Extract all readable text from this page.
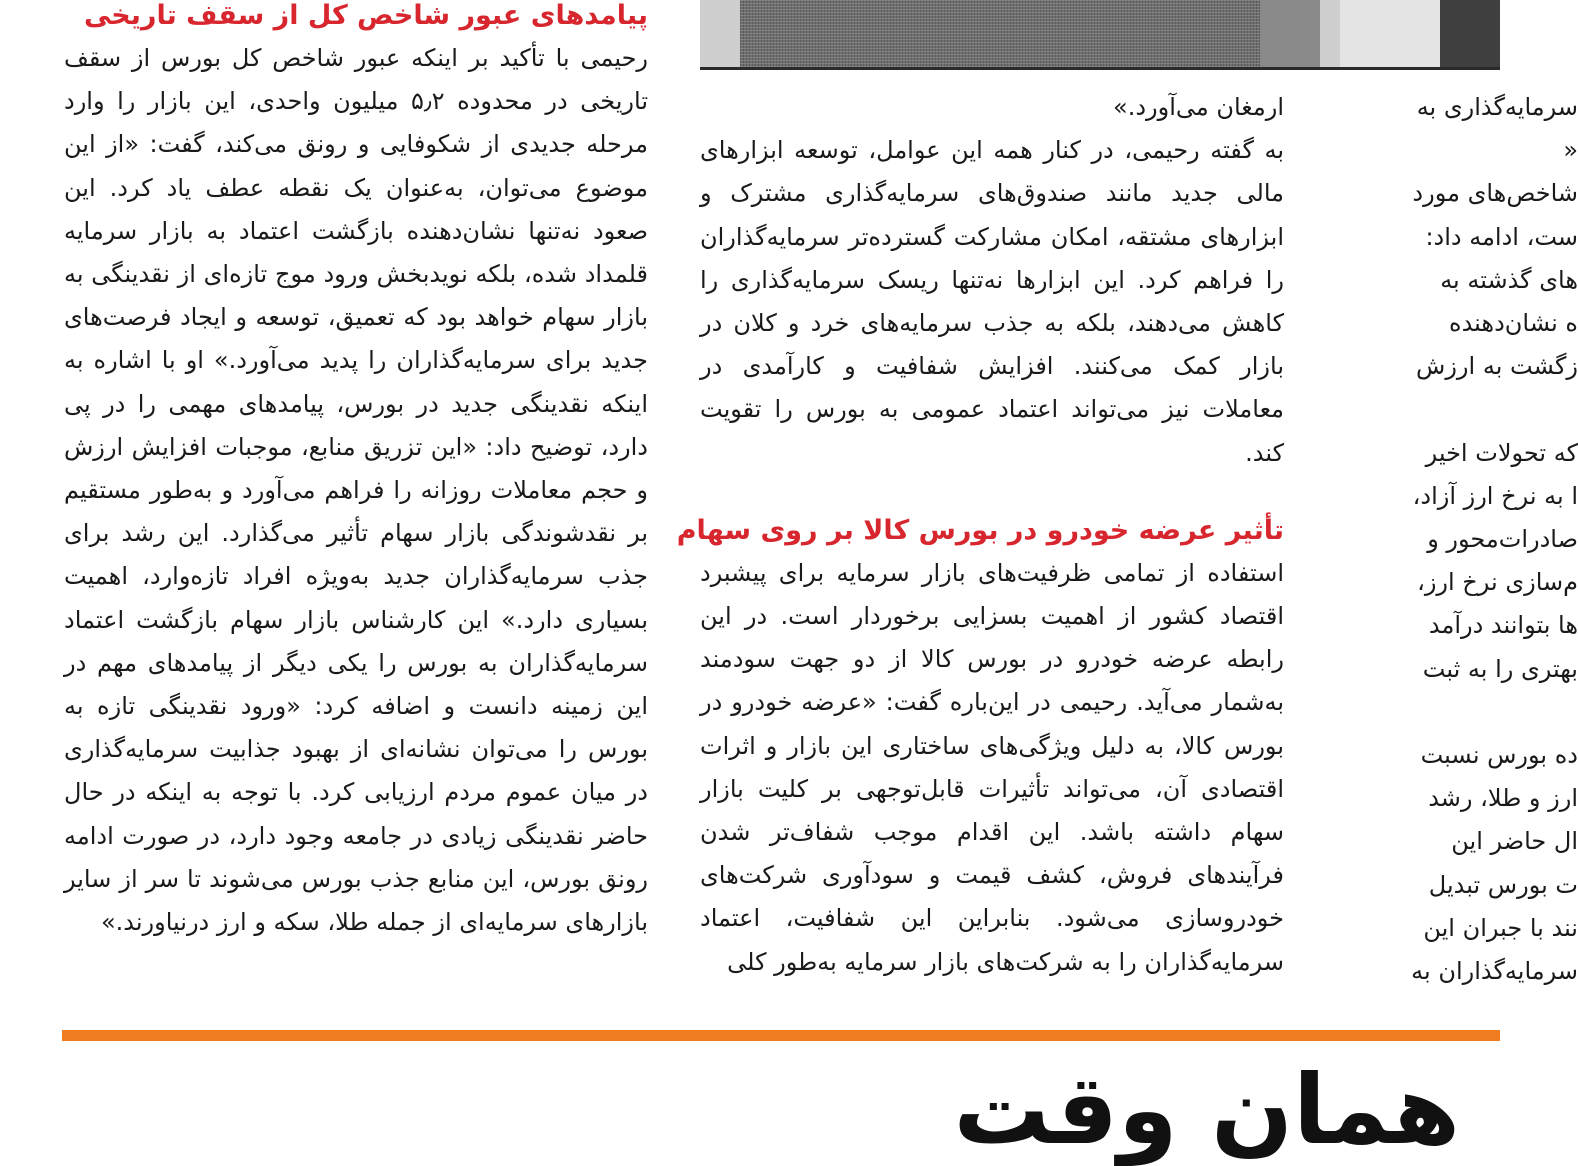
پیامدهای عبور شاخص کل از سقف تاریخی

رحیمی با تأکید بر اینکه عبور شاخص کل بورس از سقف تاریخی در محدوده ۵٫۲ میلیون واحدی، این بازار را وارد مرحله جدیدی از شکوفایی و رونق می‌کند، گفت: «از این موضوع می‌توان، به‌عنوان یک نقطه عطف یاد کرد. این صعود نه‌تنها نشان‌دهنده بازگشت اعتماد به بازار سرمایه قلمداد شده، بلکه نویدبخش ورود موج تازه‌ای از نقدینگی به بازار سهام خواهد بود که تعمیق، توسعه و ایجاد فرصت‌های جدید برای سرمایه‌گذاران را پدید می‌آورد.» او با اشاره به اینکه نقدینگی جدید در بورس، پیامدهای مهمی را در پی دارد، توضیح داد: «این تزریق منابع، موجبات افزایش ارزش و حجم معاملات روزانه را فراهم می‌آورد و به‌طور مستقیم بر نقدشوندگی بازار سهام تأثیر می‌گذارد. این رشد برای جذب سرمایه‌گذاران جدید به‌ویژه افراد تازه‌وارد، اهمیت بسیاری دارد.» این کارشناس بازار سهام بازگشت اعتماد سرمایه‌گذاران به بورس را یکی دیگر از پیامدهای مهم در این زمینه دانست و اضافه کرد: «ورود نقدینگی تازه به بورس را می‌توان نشانه‌ای از بهبود جذابیت سرمایه‌گذاری در میان عموم مردم ارزیابی کرد. با توجه به اینکه در حال حاضر نقدینگی زیادی در جامعه وجود دارد، در صورت ادامه رونق بورس، این منابع جذب بورس می‌شوند تا سر از سایر بازارهای سرمایه‌ای از جمله طلا، سکه و ارز درنیاورند.»

ارمغان می‌آورد.»

به گفته رحیمی، در کنار همه این عوامل، توسعه ابزارهای مالی جدید مانند صندوق‌های سرمایه‌گذاری مشترک و ابزارهای مشتقه، امکان مشارکت گسترده‌تر سرمایه‌گذاران را فراهم کرد. این ابزارها نه‌تنها ریسک سرمایه‌گذاری را کاهش می‌دهند، بلکه به جذب سرمایه‌های خرد و کلان در بازار کمک می‌کنند. افزایش شفافیت و کارآمدی در معاملات نیز می‌تواند اعتماد عمومی به بورس را تقویت کند.

تأثیر عرضه خودرو در بورس کالا بر روی سهام

استفاده از تمامی ظرفیت‌های بازار سرمایه برای پیشبرد اقتصاد کشور از اهمیت بسزایی برخوردار است. در این رابطه عرضه خودرو در بورس کالا از دو جهت سودمند به‌شمار می‌آید. رحیمی در این‌باره گفت: «عرضه خودرو در بورس کالا، به دلیل ویژگی‌های ساختاری این بازار و اثرات اقتصادی آن، می‌تواند تأثیرات قابل‌توجهی بر کلیت بازار سهام داشته باشد. این اقدام موجب شفاف‌تر شدن فرآیندهای فروش، کشف قیمت و سودآوری شرکت‌های خودروسازی می‌شود. بنابراین این شفافیت، اعتماد سرمایه‌گذاران را به شرکت‌های بازار سرمایه به‌طور کلی

سرمایه‌گذاری به

«

شاخص‌های مورد

ست، ادامه داد:

‌های گذشته به

ه نشان‌دهنده

زگشت به ارزش

که تحولات اخیر

ا به نرخ ارز آزاد،

صادرات‌محور و

م‌سازی نرخ ارز،

ها بتوانند درآمد

بهتری را به ثبت

ده بورس نسبت

ارز و طلا، رشد

ال حاضر این

ت بورس تبدیل

نند با جبران این

سرمایه‌گذاران به

همان وقت
